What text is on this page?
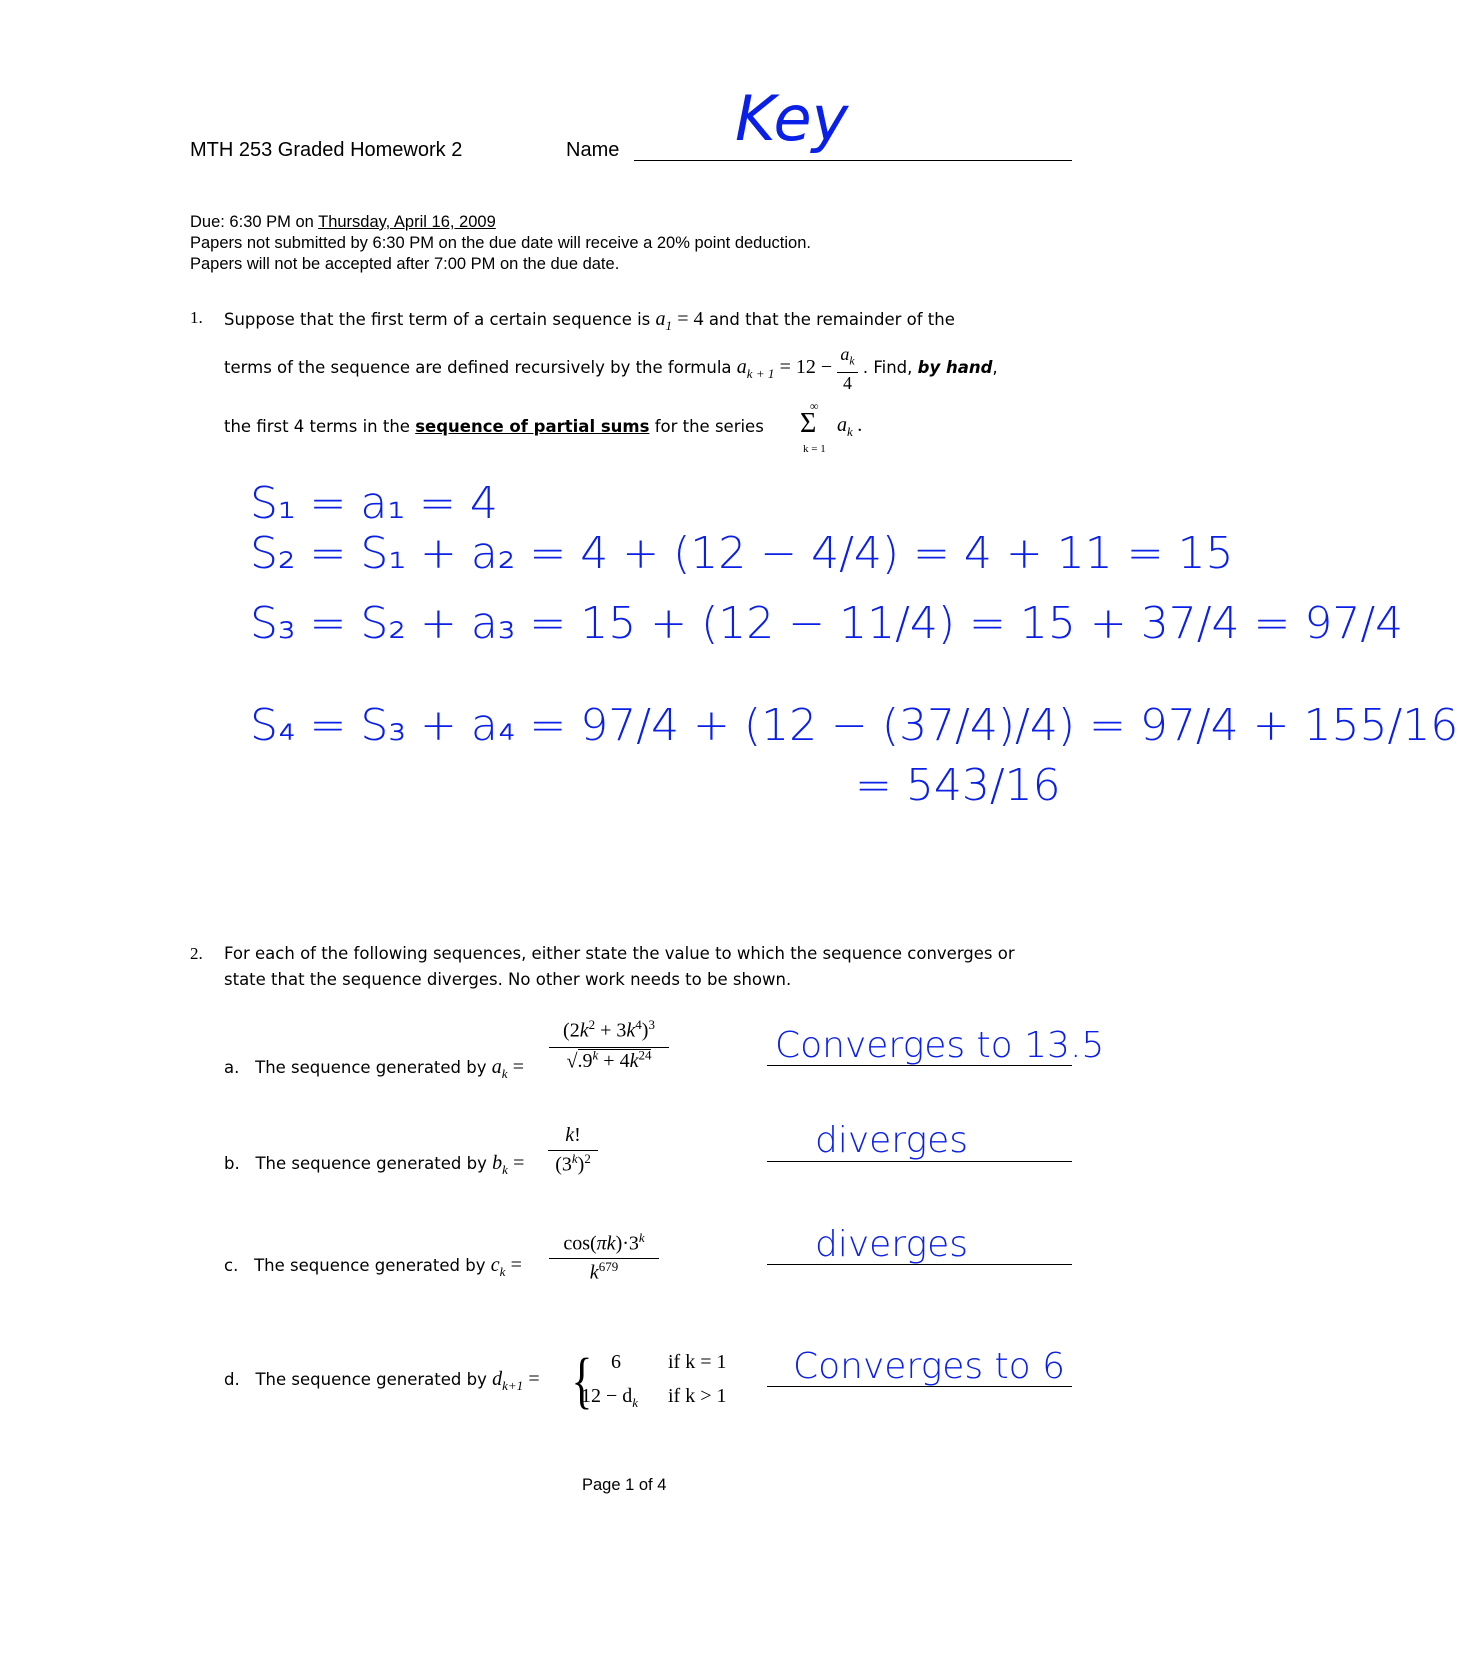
MTH 253 Graded Homework 2	Name Key
Due: 6:30 PM on Thursday, April 16, 2009
Papers not submitted by 6:30 PM on the due date will receive a 20% point deduction.
Papers will not be accepted after 7:00 PM on the due date.
1. Suppose that the first term of a certain sequence is $a_1 = 4$ and that the remainder of the
terms of the sequence are defined recursively by the formula $a_{k + 1} = 12 - \frac{a_k}{4}$ . Find, by hand,
the first 4 terms in the sequence of partial sums for the series
∞
Σ
k = 1
$a_k$ .
S₁ = a₁ = 4
S₂ = S₁ + a₂ = 4 + (12 − 4/4) = 4 + 11 = 15
S₃ = S₂ + a₃ = 15 + (12 − 11/4) = 15 + 37/4 = 97/4
S₄ = S₃ + a₄ = 97/4 + (12 − (37/4)/4) = 97/4 + 155/16
= 543/16
2. For each of the following sequences, either state the value to which the sequence converges or
state that the sequence diverges. No other work needs to be shown.
a. The sequence generated by $a_k$ =
$(2k^2 + 3k^4)^3$
$√.9^k + 4k^{24}$	Converges to 13.5
b. The sequence generated by $b_k$ =
k!
$(3^k)^2$	diverges
c. The sequence generated by $c_k$ =
$\cos(\pi k)\cdot 3^k$
$k^{679}$
diverges
d. The sequence generated by $d_{k+1}$ = { 6 if k = 1
$12 - d_k$ if k > 1
Converges to 6
Page 1 of 4
